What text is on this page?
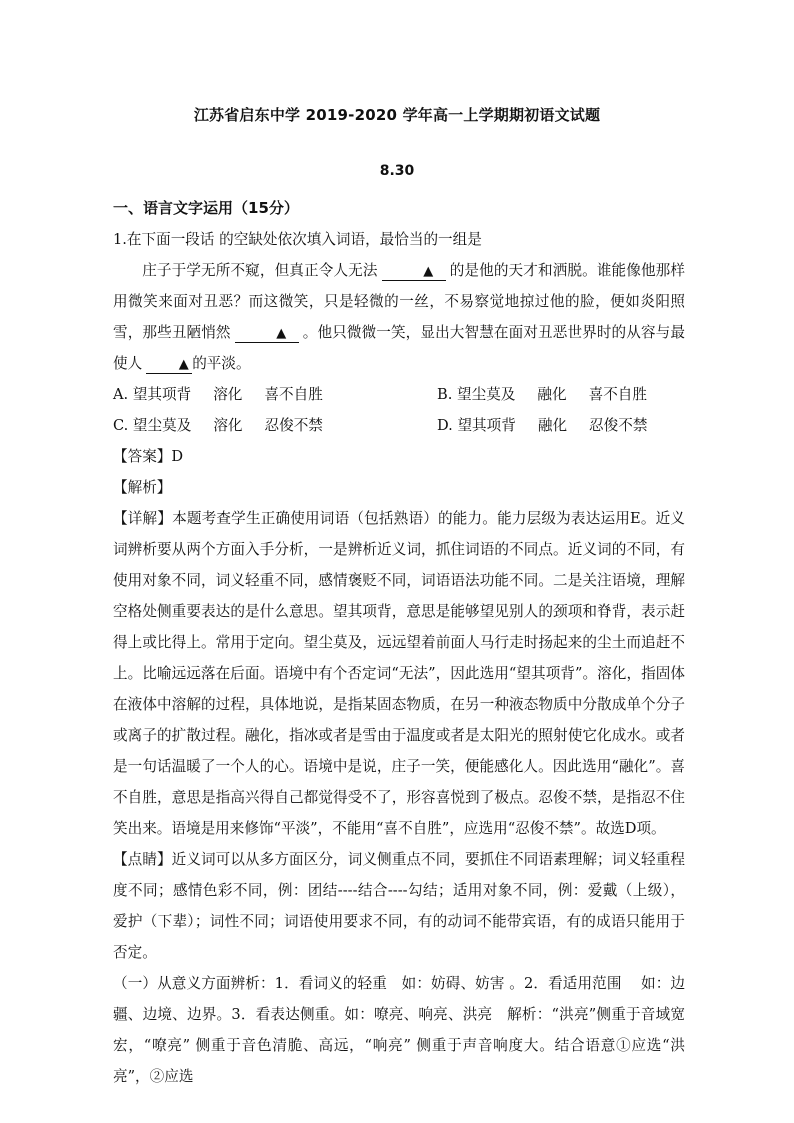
江苏省启东中学 2019-2020 学年高一上学期期初语文试题
8.30
一、语言文字运用（15分）
1.在下面一段话 的空缺处依次填入词语，最恰当的一组是
庄子于学无所不窥，但真正令人无法	▲ 的是他的天才和洒脱。谁能像他那样用微笑来面对丑恶？而这微笑，只是轻微的一丝，不易察觉地掠过他的脸，便如炎阳照雪，那些丑陋悄然	▲ 。他只微微一笑，显出大智慧在面对丑恶世界时的从容与最使人	▲ 的平淡。
A. 望其项背 溶化 喜不自胜	B. 望尘莫及 融化 喜不自胜
C. 望尘莫及 溶化 忍俊不禁	D. 望其项背 融化 忍俊不禁
【答案】D
【解析】
【详解】本题考查学生正确使用词语（包括熟语）的能力。能力层级为表达运用E。近义词辨析要从两个方面入手分析，一是辨析近义词，抓住词语的不同点。近义词的不同，有使用对象不同，词义轻重不同，感情褒贬不同，词语语法功能不同。二是关注语境，理解空格处侧重要表达的是什么意思。望其项背，意思是能够望见别人的颈项和脊背，表示赶得上或比得上。常用于定向。望尘莫及，远远望着前面人马行走时扬起来的尘土而追赶不上。比喻远远落在后面。语境中有个否定词“无法”，因此选用“望其项背”。溶化，指固体在液体中溶解的过程，具体地说，是指某固态物质，在另一种液态物质中分散成单个分子或离子的扩散过程。融化，指冰或者是雪由于温度或者是太阳光的照射使它化成水。或者是一句话温暖了一个人的心。语境中是说，庄子一笑，便能感化人。因此选用“融化”。喜不自胜，意思是指高兴得自己都觉得受不了，形容喜悦到了极点。忍俊不禁，是指忍不住笑出来。语境是用来修饰“平淡”，不能用“喜不自胜”，应选用“忍俊不禁”。故选D项。
【点睛】近义词可以从多方面区分，词义侧重点不同，要抓住不同语素理解；词义轻重程度不同；感情色彩不同，例：团结----结合----勾结；适用对象不同，例：爱戴（上级），爱护（下辈）；词性不同；词语使用要求不同，有的动词不能带宾语，有的成语只能用于否定。
（一）从意义方面辨析：1．看词义的轻重　如：妨碍、妨害 。2．看适用范围　 如：边疆、边境、边界。3．看表达侧重。如：嘹亮、响亮、洪亮　解析：“洪亮”侧重于音域宽宏，“嘹亮” 侧重于音色清脆、高远，“响亮” 侧重于声音响度大。结合语意①应选“洪亮”，②应选
